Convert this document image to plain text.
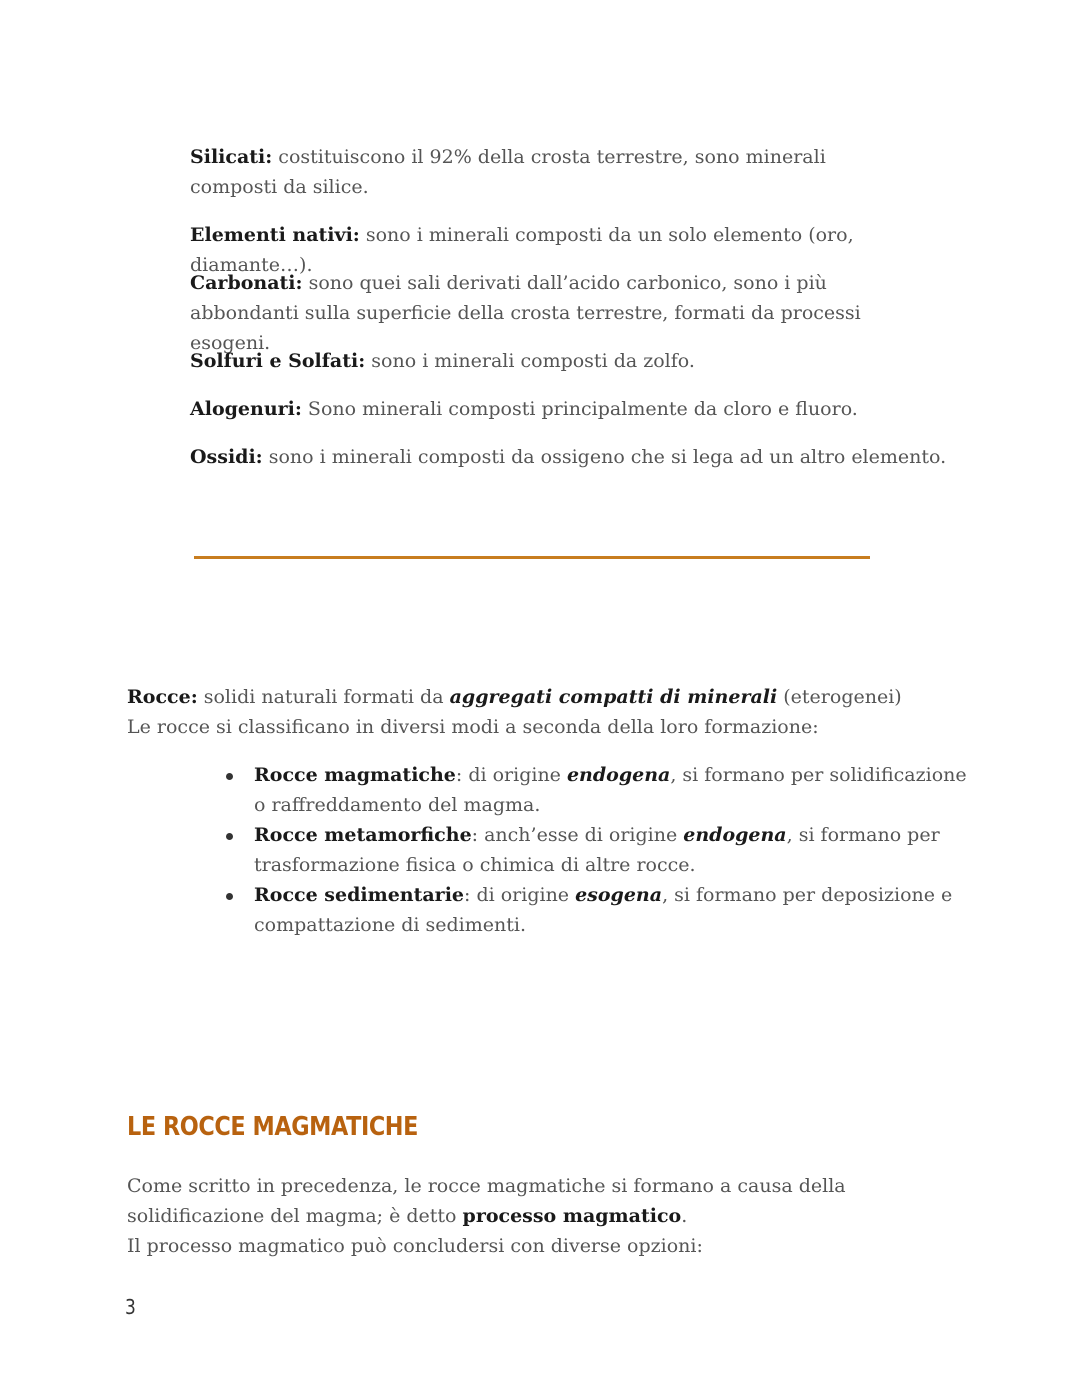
Silicati: costituiscono il 92% della crosta terrestre, sono minerali composti da silice.

Elementi nativi: sono i minerali composti da un solo elemento (oro, diamante…).

Carbonati: sono quei sali derivati dall’acido carbonico, sono i più abbondanti sulla superficie della crosta terrestre, formati da processi esogeni.

Solfuri e Solfati: sono i minerali composti da zolfo.

Alogenuri: Sono minerali composti principalmente da cloro e fluoro.

Ossidi: sono i minerali composti da ossigeno che si lega ad un altro elemento.

Rocce: solidi naturali formati da aggregati compatti di minerali (eterogenei)
Le rocce si classificano in diversi modi a seconda della loro formazione:

Rocce magmatiche: di origine endogena, si formano per solidificazione o raffreddamento del magma.
Rocce metamorfiche: anch’esse di origine endogena, si formano per trasformazione fisica o chimica di altre rocce.
Rocce sedimentarie: di origine esogena, si formano per deposizione e compattazione di sedimenti.
LE ROCCE MAGMATICHE

Come scritto in precedenza, le rocce magmatiche si formano a causa della solidificazione del magma; è detto processo magmatico.
Il processo magmatico può concludersi con diverse opzioni:

3
